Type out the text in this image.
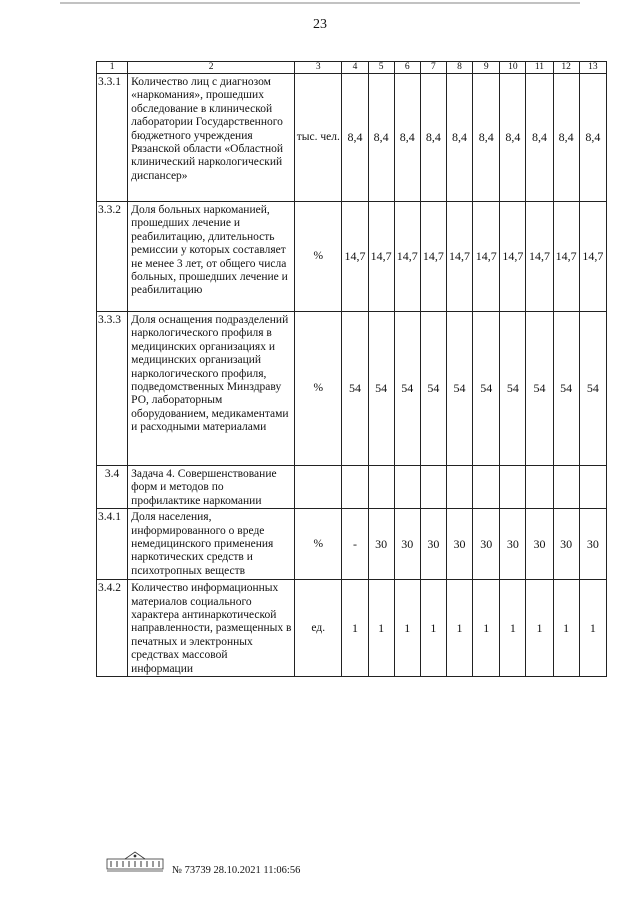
23
1	2	3	4	5	6	7	8	9	10	11	12	13
3.3.1	Количество лиц с диагнозом «наркомания», прошедших обследование в клинической лаборатории Государственного бюджетного учреждения Рязанской области «Областной клинический наркологический диспансер»	тыс. чел.	8,4	8,4	8,4	8,4	8,4	8,4	8,4	8,4	8,4	8,4
3.3.2	Доля больных наркоманией, прошедших лечение и реабилитацию, длительность ремиссии у которых составляет не менее 3 лет, от общего числа больных, прошедших лечение и реабилитацию	%	14,7	14,7	14,7	14,7	14,7	14,7	14,7	14,7	14,7	14,7
3.3.3	Доля оснащения подразделений наркологического профиля в медицинских организациях и медицинских организаций наркологического профиля, подведомственных Минздраву РО, лабораторным оборудованием, медикаментами и расходными материалами	%	54	54	54	54	54	54	54	54	54	54
3.4	Задача 4. Совершенствование форм и методов по профилактике наркомании											
3.4.1	Доля населения, информированного о вреде немедицинского применения наркотических средств и психотропных веществ	%	-	30	30	30	30	30	30	30	30	30
3.4.2	Количество информационных материалов социального характера антинаркотической направленности, размещенных в печатных и электронных средствах массовой информации	ед.	1	1	1	1	1	1	1	1	1	1
№ 73739 28.10.2021 11:06:56
